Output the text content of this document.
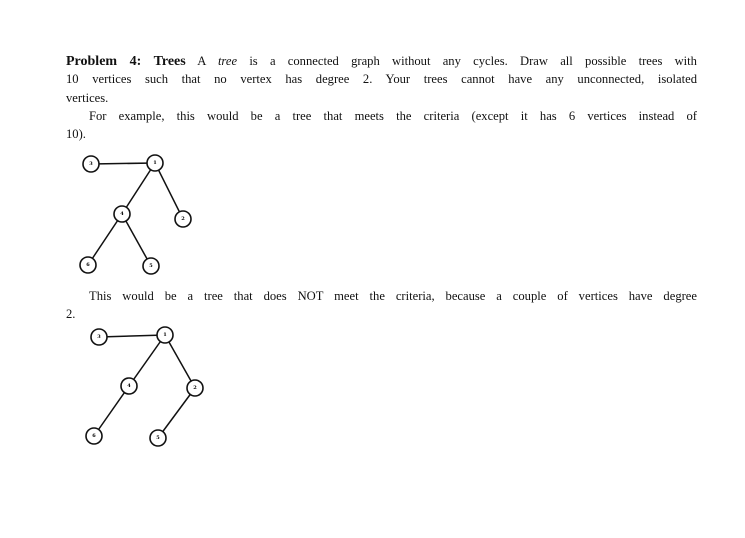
Problem 4: Trees A tree is a connected graph without any cycles. Draw all possible trees with
10 vertices such that no vertex has degree 2. Your trees cannot have any unconnected, isolated
vertices.
For example, this would be a tree that meets the criteria (except it has 6 vertices instead of
10).
3	1
4
2
6	5
This would be a tree that does NOT meet the criteria, because a couple of vertices have degree
2.
3	1
4	2
6	5
